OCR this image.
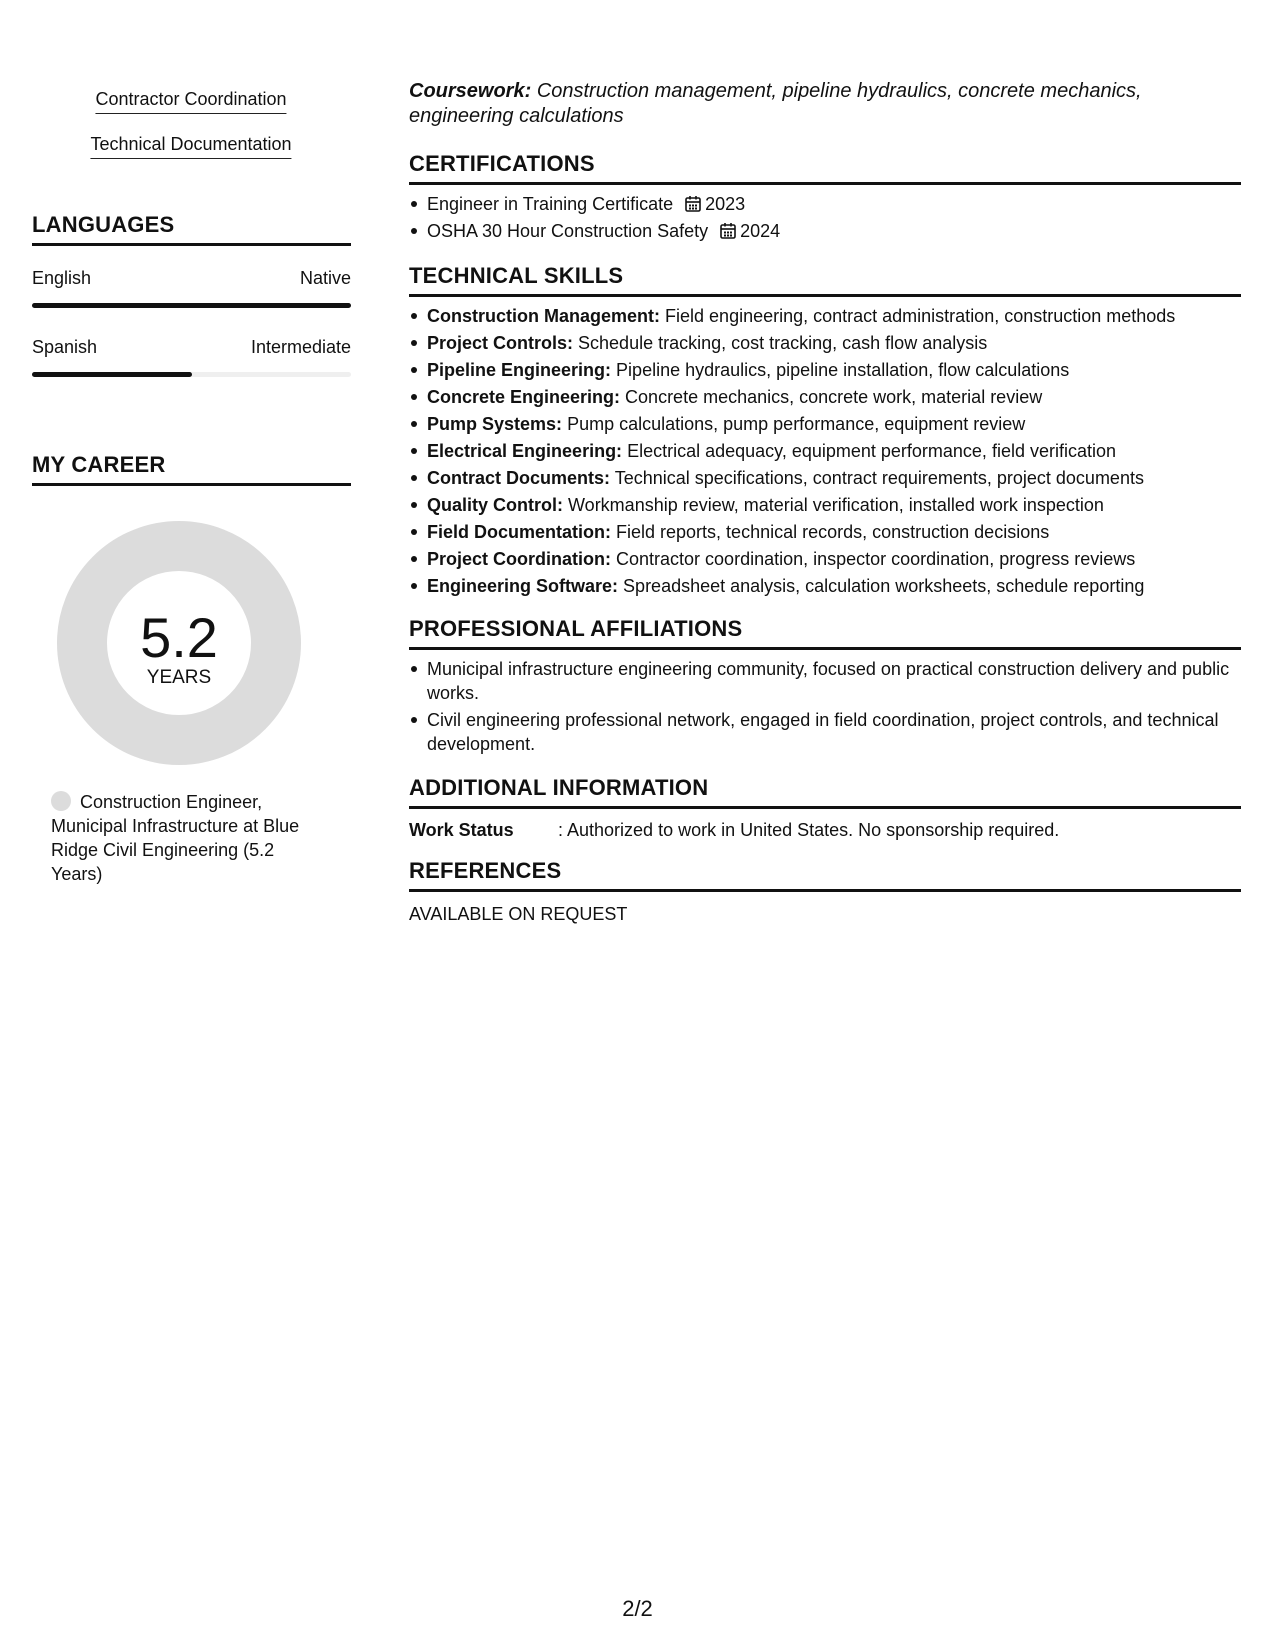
Contractor Coordination
Technical Documentation
LANGUAGES
English	Native
Spanish	Intermediate
MY CAREER
5.2
YEARS
Construction Engineer, Municipal Infrastructure at Blue Ridge Civil Engineering (5.2 Years)
Coursework: Construction management, pipeline hydraulics, concrete mechanics, engineering calculations
CERTIFICATIONS
Engineer in Training Certificate 2023
OSHA 30 Hour Construction Safety 2024
TECHNICAL SKILLS
Construction Management: Field engineering, contract administration, construction methods
Project Controls: Schedule tracking, cost tracking, cash flow analysis
Pipeline Engineering: Pipeline hydraulics, pipeline installation, flow calculations
Concrete Engineering: Concrete mechanics, concrete work, material review
Pump Systems: Pump calculations, pump performance, equipment review
Electrical Engineering: Electrical adequacy, equipment performance, field verification
Contract Documents: Technical specifications, contract requirements, project documents
Quality Control: Workmanship review, material verification, installed work inspection
Field Documentation: Field reports, technical records, construction decisions
Project Coordination: Contractor coordination, inspector coordination, progress reviews
Engineering Software: Spreadsheet analysis, calculation worksheets, schedule reporting
PROFESSIONAL AFFILIATIONS
Municipal infrastructure engineering community, focused on practical construction delivery and public works.
Civil engineering professional network, engaged in field coordination, project controls, and technical development.
ADDITIONAL INFORMATION
Work Status : Authorized to work in United States. No sponsorship required.
REFERENCES
AVAILABLE ON REQUEST
2/2
